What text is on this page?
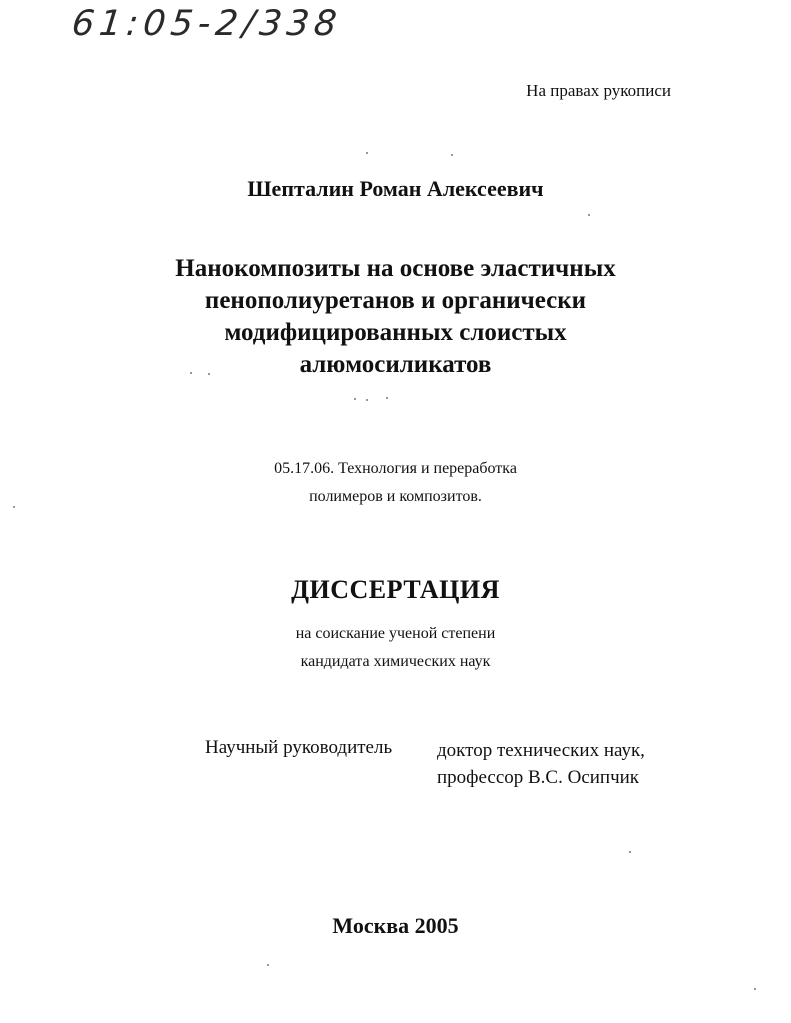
61:05-2/338
На правах рукописи
Шепталин Роман Алексеевич
Нанокомпозиты на основе эластичных
пенополиуретанов и органически
модифицированных слоистых
алюмосиликатов
05.17.06. Технология и переработка
полимеров и композитов.
ДИССЕРТАЦИЯ
на соискание ученой степени
кандидата химических наук
Научный руководитель доктор технических наук,
профессор В.С. Осипчик
Москва 2005
